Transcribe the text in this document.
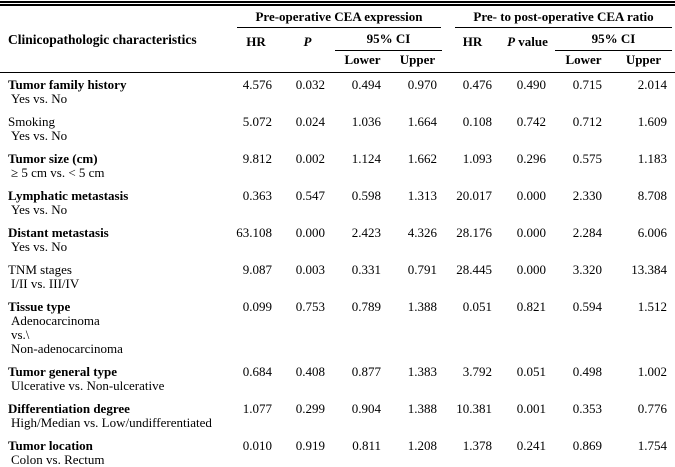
Clinicopathologic characteristics	Pre-operative CEA expression				Pre- to post-operative CEA ratio			

	HR	P	95% CI		HR	P value	95% CI	

			Lower	Upper			Lower	Upper

Tumor family history
Yes vs. No	4.576	0.032	0.494	0.970	0.476	0.490	0.715	2.014

Smoking
Yes vs. No	5.072	0.024	1.036	1.664	0.108	0.742	0.712	1.609

Tumor size (cm)
≥ 5 cm vs. < 5 cm	9.812	0.002	1.124	1.662	1.093	0.296	0.575	1.183

Lymphatic metastasis
Yes vs. No	0.363	0.547	0.598	1.313	20.017	0.000	2.330	8.708

Distant metastasis
Yes vs. No	63.108	0.000	2.423	4.326	28.176	0.000	2.284	6.006

TNM stages
I/II vs. III/IV	9.087	0.003	0.331	0.791	28.445	0.000	3.320	13.384

Tissue type
Adenocarcinoma
vs.\
Non-adenocarcinoma	0.099	0.753	0.789	1.388	0.051	0.821	0.594	1.512

Tumor general type
Ulcerative vs. Non-ulcerative	0.684	0.408	0.877	1.383	3.792	0.051	0.498	1.002

Differentiation degree
High/Median vs. Low/undifferentiated	1.077	0.299	0.904	1.388	10.381	0.001	0.353	0.776

Tumor location
Colon vs. Rectum	0.010	0.919	0.811	1.208	1.378	0.241	0.869	1.754
